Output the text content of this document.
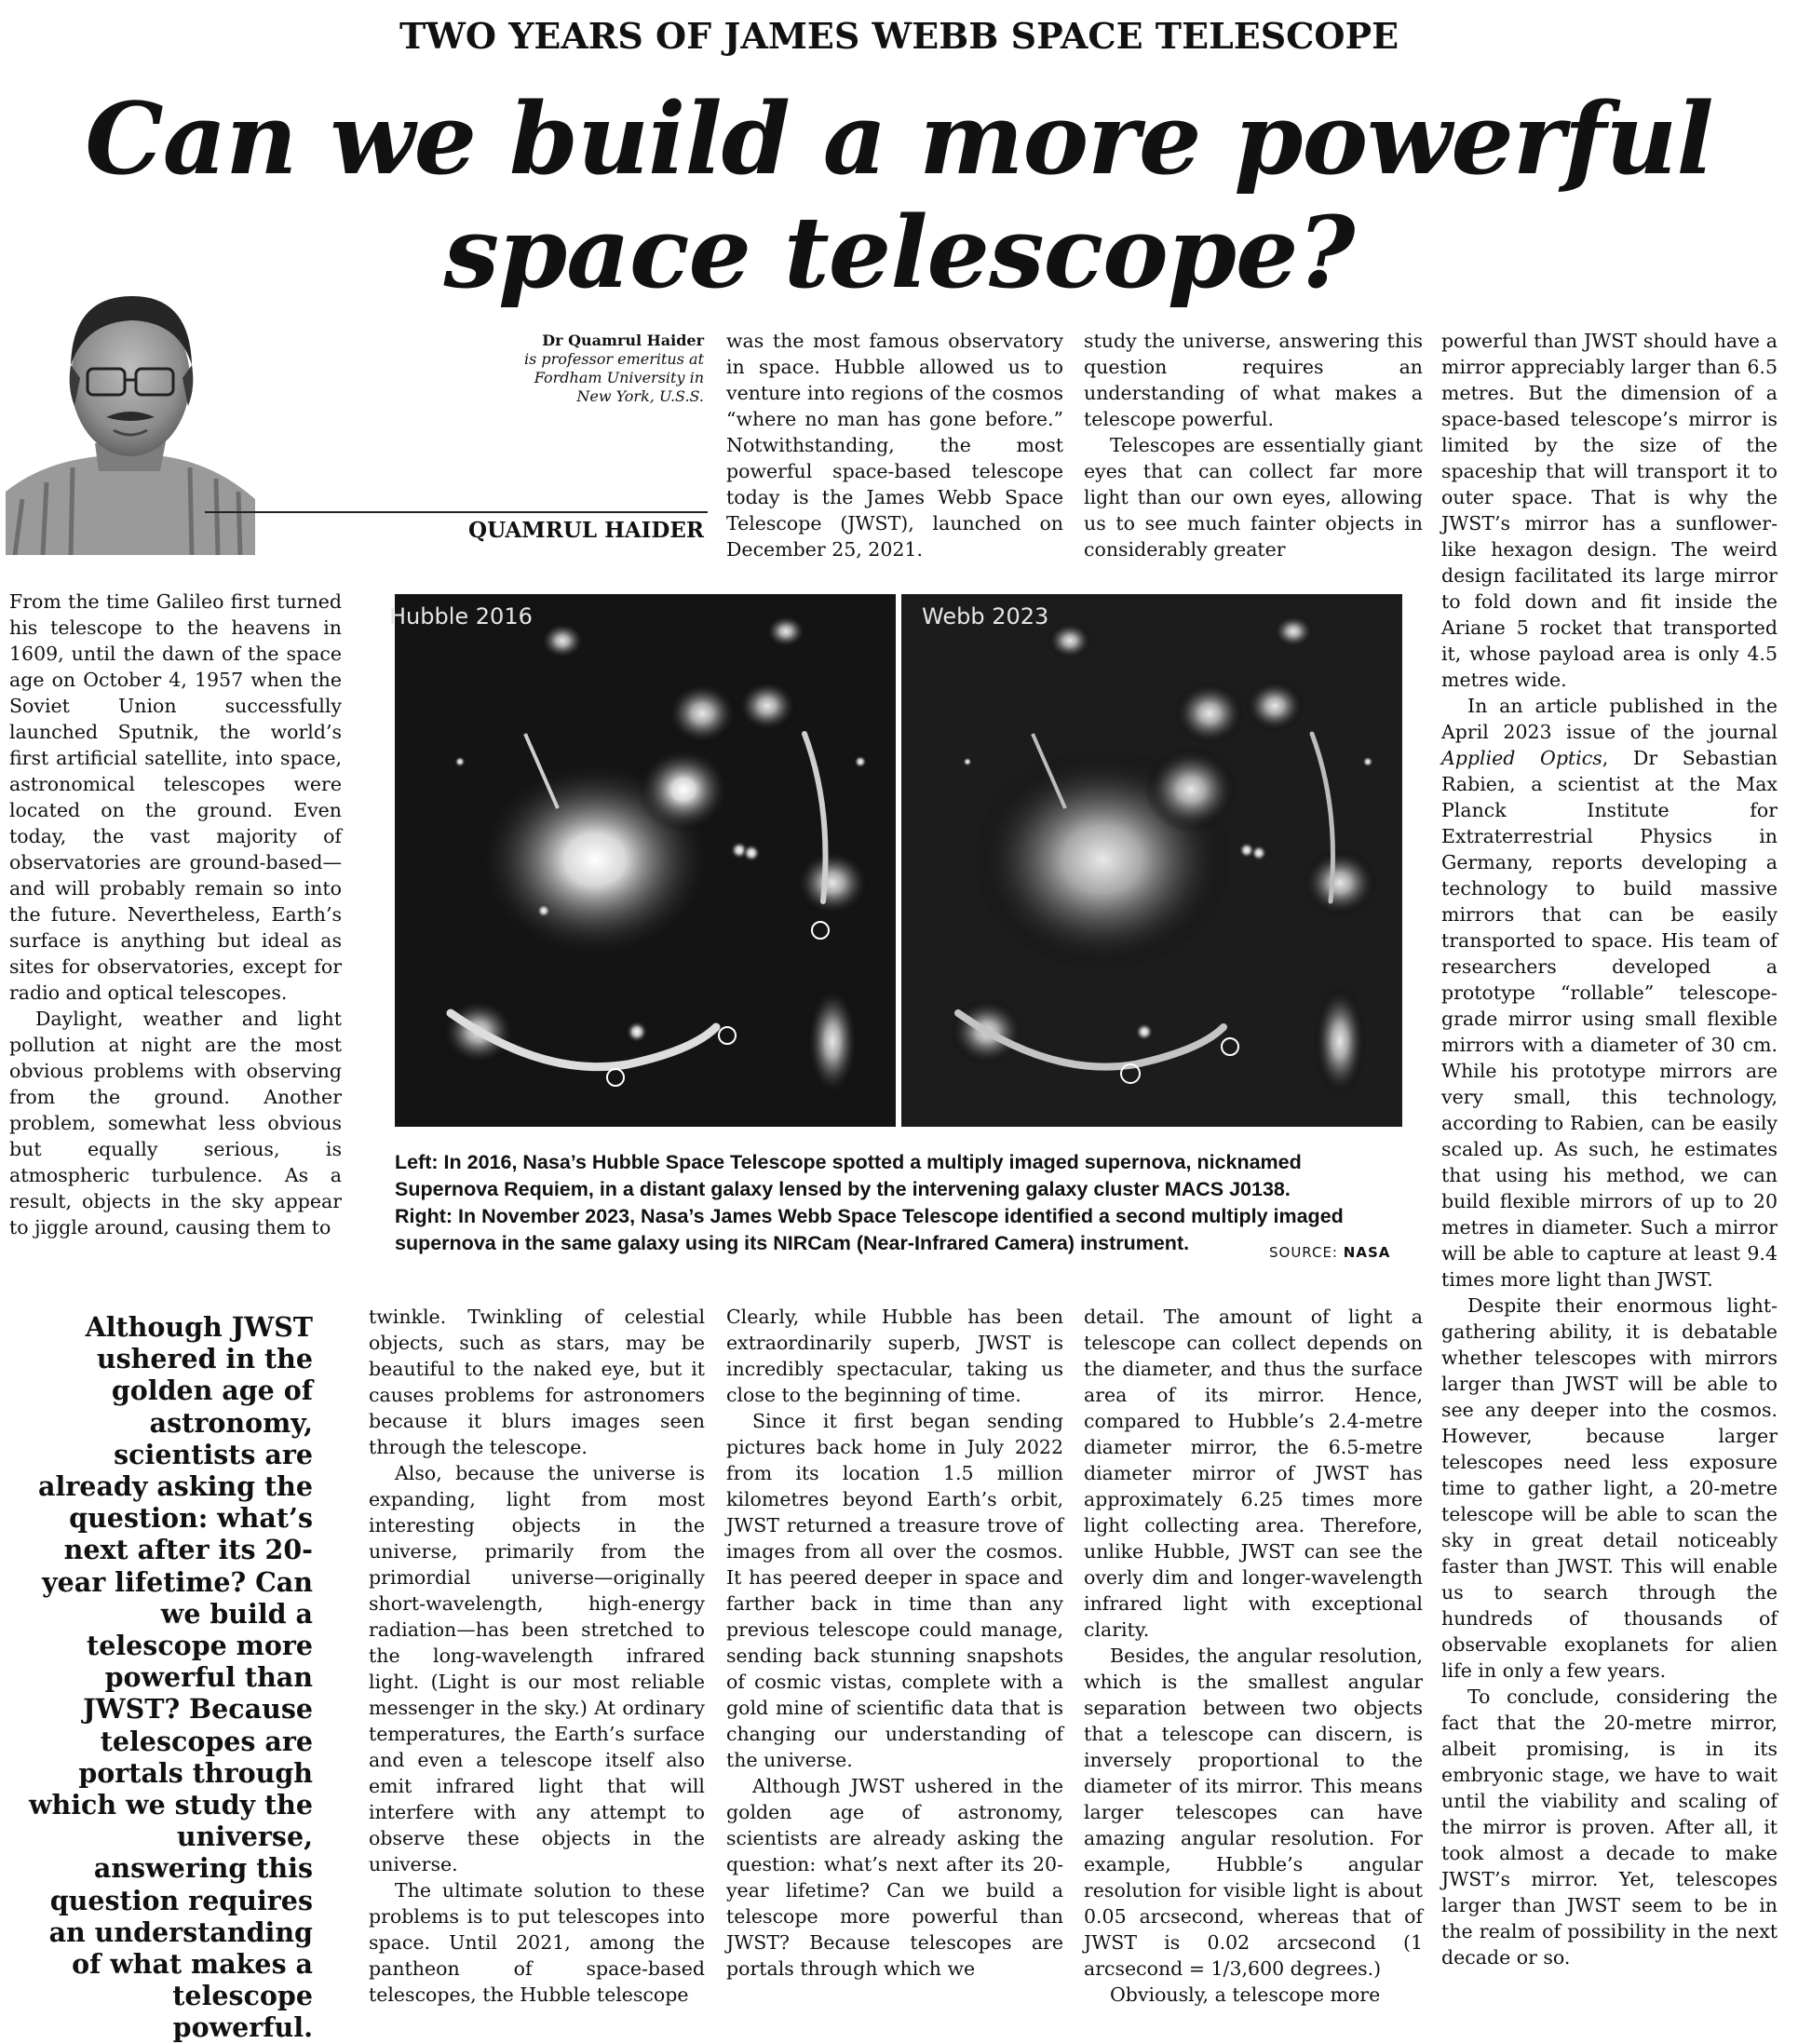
TWO YEARS OF JAMES WEBB SPACE TELESCOPE
Can we build a more powerful
space telescope?
Dr Quamrul Haider
is professor emeritus at
Fordham University in
New York, U.S.S.
QUAMRUL HAIDER

was the most famous observatory in space. Hubble allowed us to venture into regions of the cosmos “where no man has gone before.” Notwithstanding, the most powerful space-based telescope today is the James Webb Space Telescope (JWST), launched on December 25, 2021.

study the universe, answering this question requires an understanding of what makes a telescope powerful.

Telescopes are essentially giant eyes that can collect far more light than our own eyes, allowing us to see much fainter objects in considerably greater

From the time Galileo first turned his telescope to the heavens in 1609, until the dawn of the space age on October 4, 1957 when the Soviet Union successfully launched Sputnik, the world’s first artificial satellite, into space, astronomical telescopes were located on the ground. Even today, the vast majority of observatories are ground-based—and will probably remain so into the future. Nevertheless, Earth’s surface is anything but ideal as sites for observatories, except for radio and optical telescopes.

Daylight, weather and light pollution at night are the most obvious problems with observing from the ground. Another problem, somewhat less obvious but equally serious, is atmospheric turbulence. As a result, objects in the sky appear to jiggle around, causing them to

powerful than JWST should have a mirror appreciably larger than 6.5 metres. But the dimension of a space-based telescope’s mirror is limited by the size of the spaceship that will transport it to outer space. That is why the JWST’s mirror has a sunflower-like hexagon design. The weird design facilitated its large mirror to fold down and fit inside the Ariane 5 rocket that transported it, whose payload area is only 4.5 metres wide.

In an article published in the April 2023 issue of the journal Applied Optics, Dr Sebastian Rabien, a scientist at the Max Planck Institute for Extraterrestrial Physics in Germany, reports developing a technology to build massive mirrors that can be easily transported to space. His team of researchers developed a prototype “rollable” telescope-grade mirror using small flexible mirrors with a diameter of 30 cm. While his prototype mirrors are very small, this technology, according to Rabien, can be easily scaled up. As such, he estimates that using his method, we can build flexible mirrors of up to 20 metres in diameter. Such a mirror will be able to capture at least 9.4 times more light than JWST.

Despite their enormous light-gathering ability, it is debatable whether telescopes with mirrors larger than JWST will be able to see any deeper into the cosmos. However, because larger telescopes need less exposure time to gather light, a 20-metre telescope will be able to scan the sky in great detail noticeably faster than JWST. This will enable us to search through the hundreds of thousands of observable exoplanets for alien life in only a few years.

To conclude, considering the fact that the 20-metre mirror, albeit promising, is in its embryonic stage, we have to wait until the viability and scaling of the mirror is proven. After all, it took almost a decade to make JWST’s mirror. Yet, telescopes larger than JWST seem to be in the realm of possibility in the next decade or so.

Hubble 2016	Webb 2023
Left: In 2016, Nasa’s Hubble Space Telescope spotted a multiply imaged supernova, nicknamed
Supernova Requiem, in a distant galaxy lensed by the intervening galaxy cluster MACS J0138.
Right: In November 2023, Nasa’s James Webb Space Telescope identified a second multiply imaged
supernova in the same galaxy using its NIRCam (Near-Infrared Camera) instrument.	SOURCE: NASA
Although JWST ushered in the golden age of astronomy, scientists are already asking the question: what’s next after its 20-year lifetime? Can we build a telescope more powerful than JWST? Because telescopes are portals through which we study the universe, answering this question requires an understanding of what makes a telescope powerful.

twinkle. Twinkling of celestial objects, such as stars, may be beautiful to the naked eye, but it causes problems for astronomers because it blurs images seen through the telescope.

Also, because the universe is expanding, light from most interesting objects in the universe, primarily from the primordial universe—originally short-wavelength, high-energy radiation—has been stretched to the long-wavelength infrared light. (Light is our most reliable messenger in the sky.) At ordinary temperatures, the Earth’s surface and even a telescope itself also emit infrared light that will interfere with any attempt to observe these objects in the universe.

The ultimate solution to these problems is to put telescopes into space. Until 2021, among the pantheon of space-based telescopes, the Hubble telescope

Clearly, while Hubble has been extraordinarily superb, JWST is incredibly spectacular, taking us close to the beginning of time.

Since it first began sending pictures back home in July 2022 from its location 1.5 million kilometres beyond Earth’s orbit, JWST returned a treasure trove of images from all over the cosmos. It has peered deeper in space and farther back in time than any previous telescope could manage, sending back stunning snapshots of cosmic vistas, complete with a gold mine of scientific data that is changing our understanding of the universe.

Although JWST ushered in the golden age of astronomy, scientists are already asking the question: what’s next after its 20-year lifetime? Can we build a telescope more powerful than JWST? Because telescopes are portals through which we

detail. The amount of light a telescope can collect depends on the diameter, and thus the surface area of its mirror. Hence, compared to Hubble’s 2.4-metre diameter mirror, the 6.5-metre diameter mirror of JWST has approximately 6.25 times more light collecting area. Therefore, unlike Hubble, JWST can see the overly dim and longer-wavelength infrared light with exceptional clarity.

Besides, the angular resolution, which is the smallest angular separation between two objects that a telescope can discern, is inversely proportional to the diameter of its mirror. This means larger telescopes can have amazing angular resolution. For example, Hubble’s angular resolution for visible light is about 0.05 arcsecond, whereas that of JWST is 0.02 arcsecond (1 arcsecond = 1/3,600 degrees.)

Obviously, a telescope more
